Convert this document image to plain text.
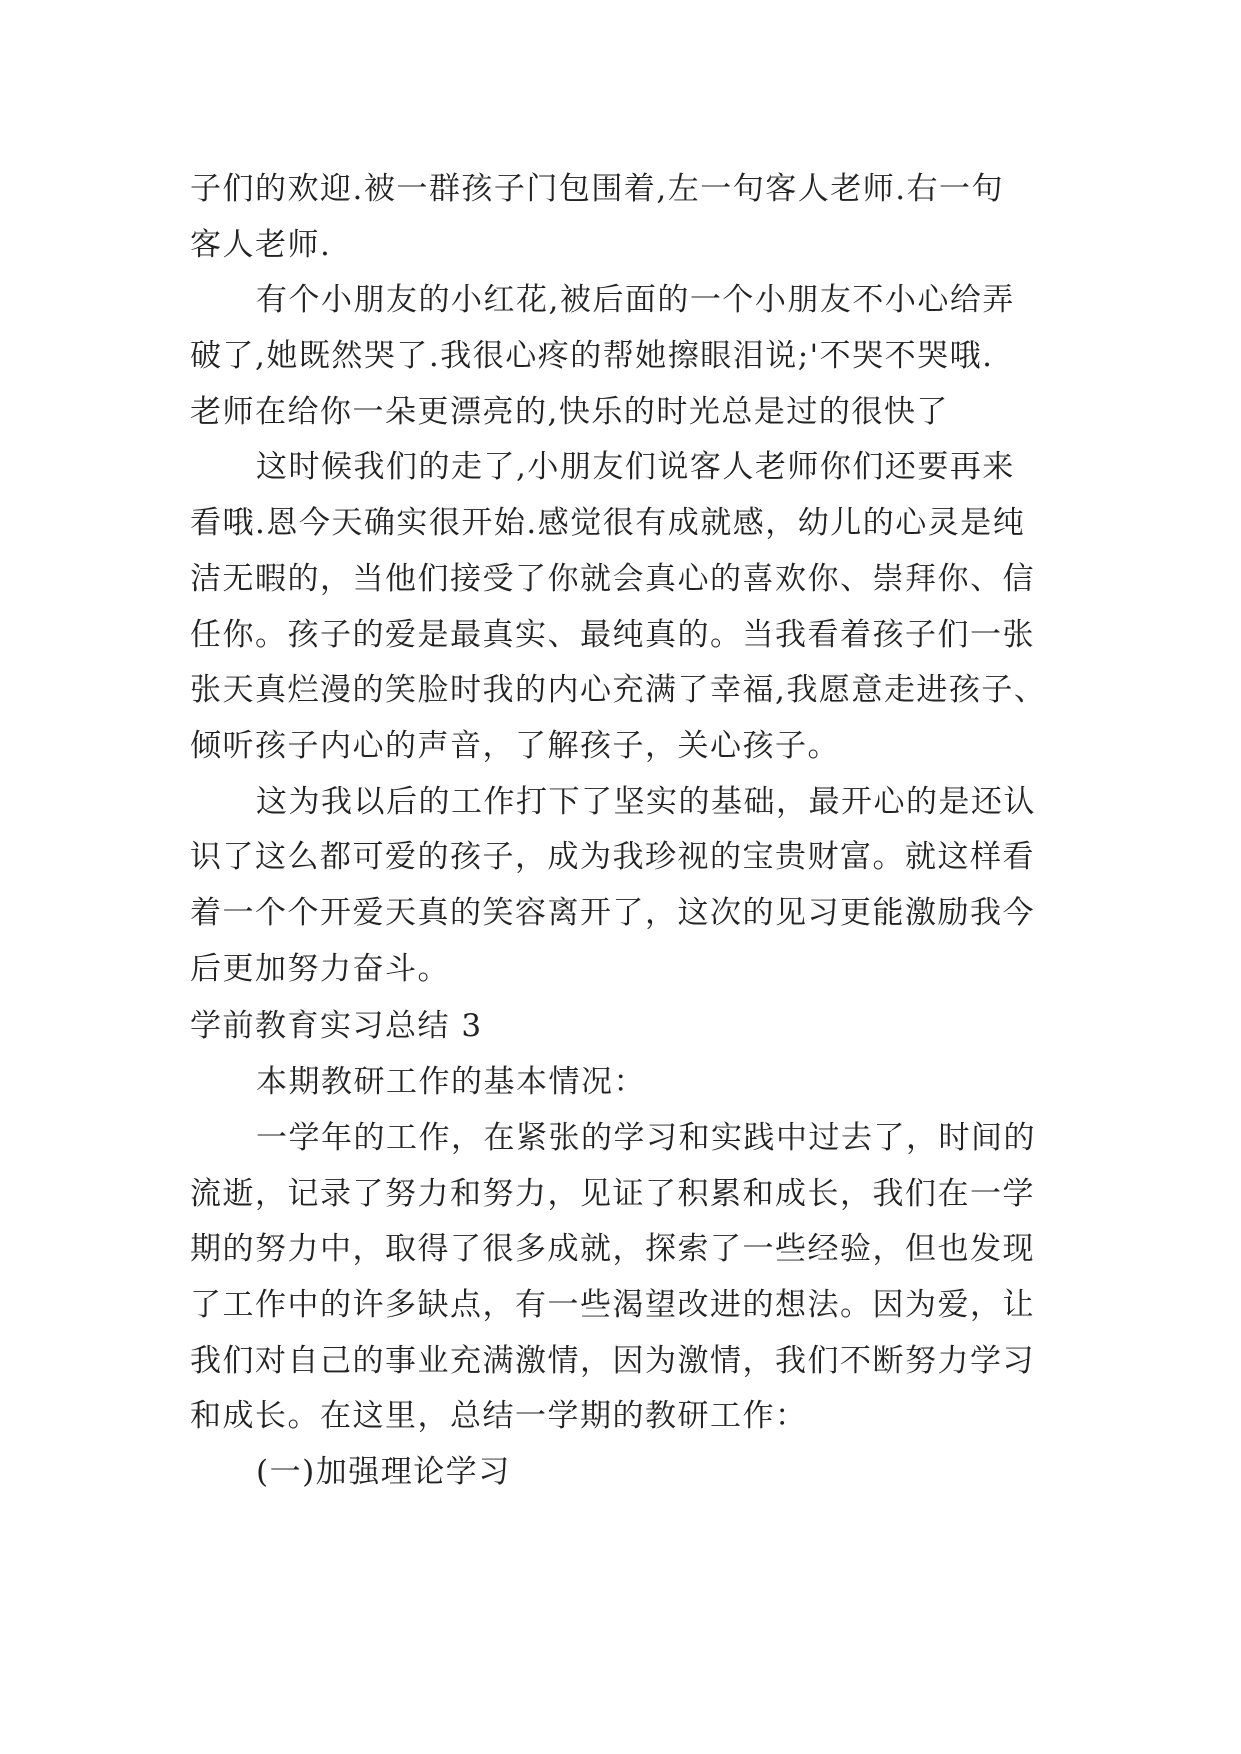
子们的欢迎.被一群孩子门包围着,左一句客人老师.右一句
客人老师.
有个小朋友的小红花,被后面的一个小朋友不小心给弄
破了,她既然哭了.我很心疼的帮她擦眼泪说;'不哭不哭哦.
老师在给你一朵更漂亮的,快乐的时光总是过的很快了
这时候我们的走了,小朋友们说客人老师你们还要再来
看哦.恩今天确实很开始.感觉很有成就感，幼儿的心灵是纯
洁无暇的，当他们接受了你就会真心的喜欢你、崇拜你、信
任你。孩子的爱是最真实、最纯真的。当我看着孩子们一张
张天真烂漫的笑脸时我的内心充满了幸福,我愿意走进孩子、
倾听孩子内心的声音，了解孩子，关心孩子。
这为我以后的工作打下了坚实的基础，最开心的是还认
识了这么都可爱的孩子，成为我珍视的宝贵财富。就这样看
着一个个开爱天真的笑容离开了，这次的见习更能激励我今
后更加努力奋斗。
学前教育实习总结 3
本期教研工作的基本情况：
一学年的工作，在紧张的学习和实践中过去了，时间的
流逝，记录了努力和努力，见证了积累和成长，我们在一学
期的努力中，取得了很多成就，探索了一些经验，但也发现
了工作中的许多缺点，有一些渴望改进的想法。因为爱，让
我们对自己的事业充满激情，因为激情，我们不断努力学习
和成长。在这里，总结一学期的教研工作：
(一)加强理论学习
